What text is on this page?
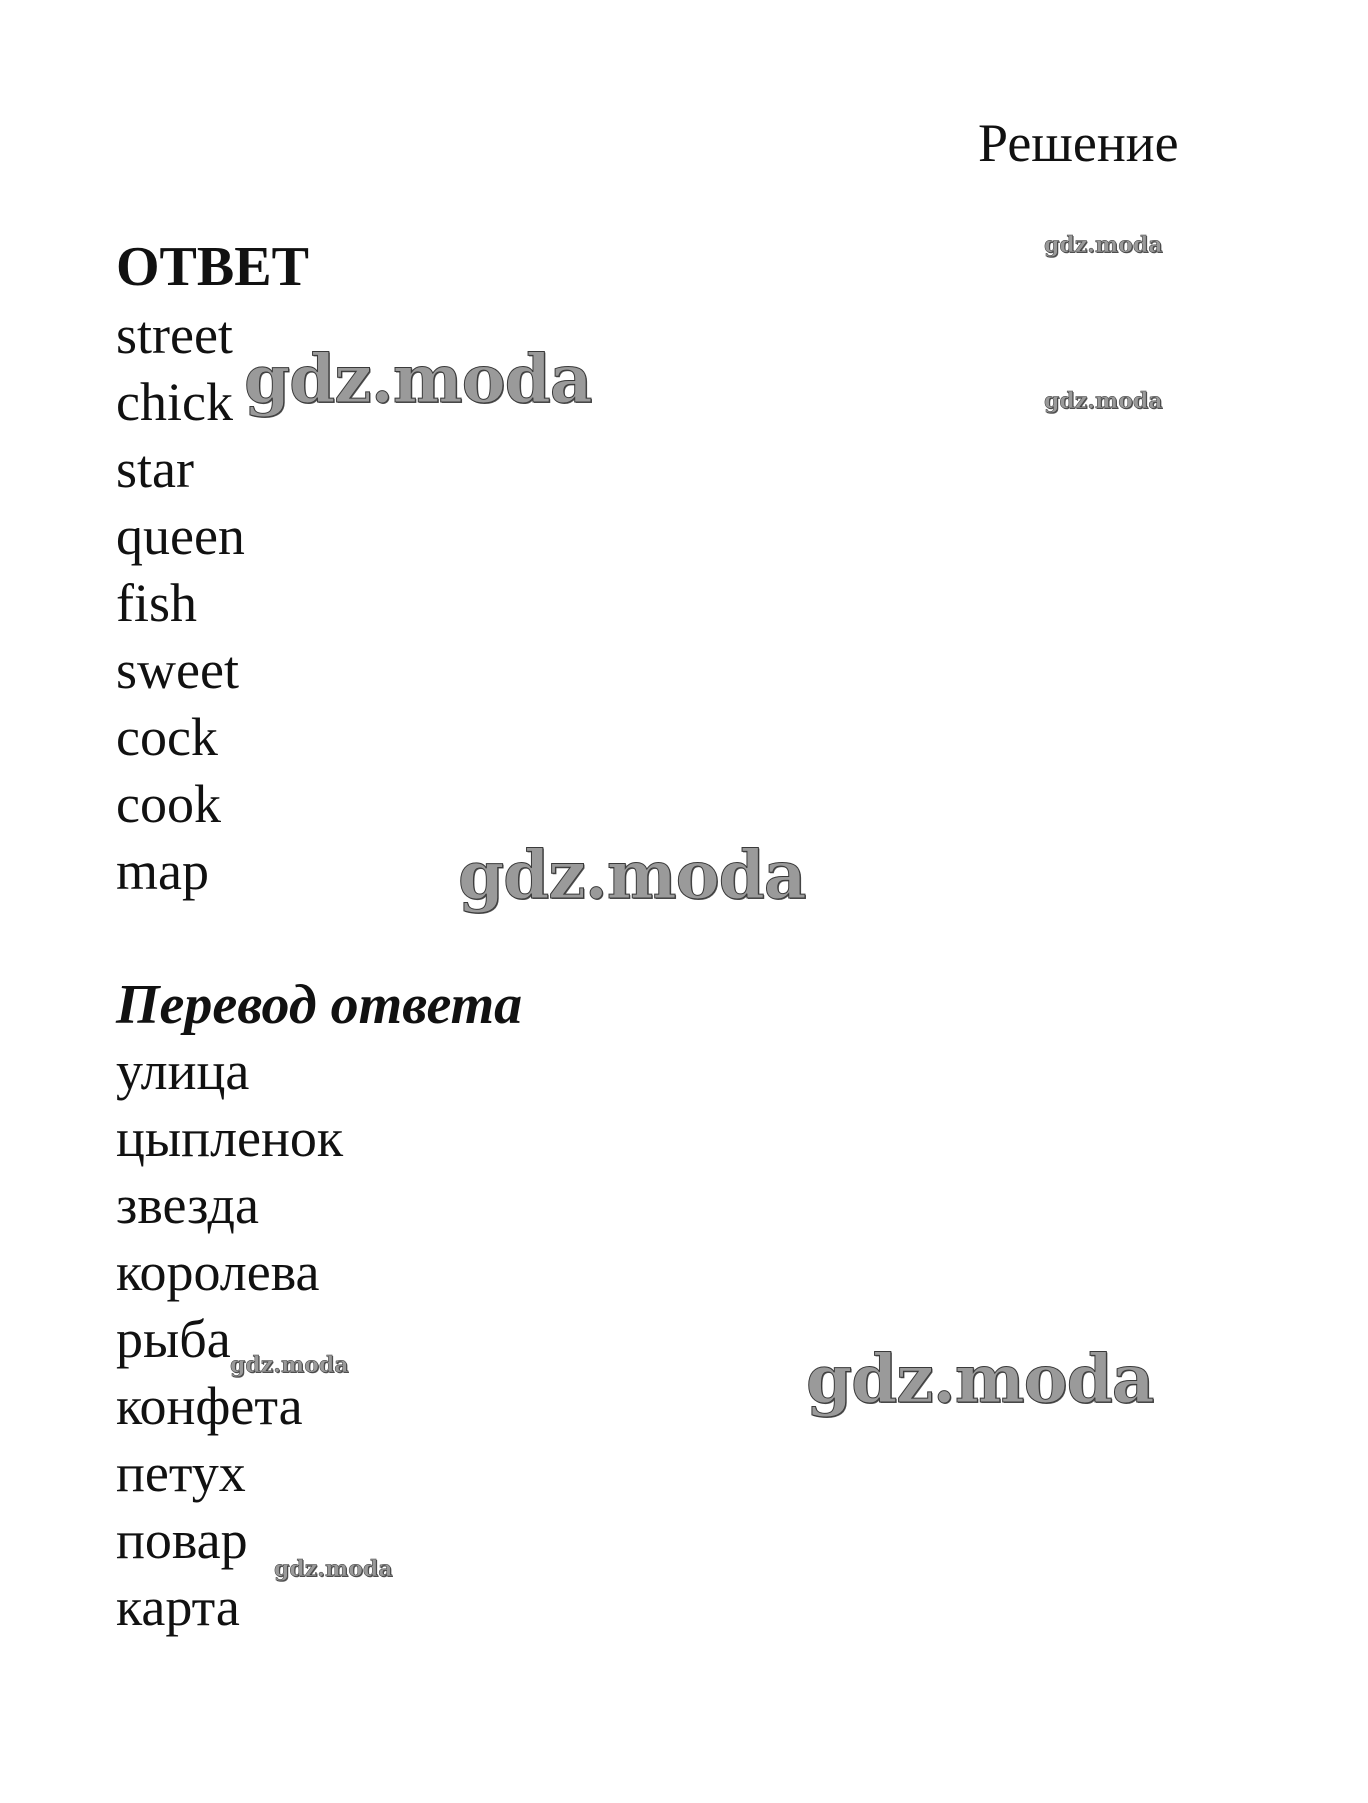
Решение
ОТВЕТ
street
chick
star
queen
fish
sweet
cock
cook
map
Перевод ответа
улица
цыпленок
звезда
королева
рыба
конфета
петух
повар
карта
gdz.moda
gdz.moda	gdz.moda
gdz.moda
gdz.moda	gdz.moda
gdz.moda
